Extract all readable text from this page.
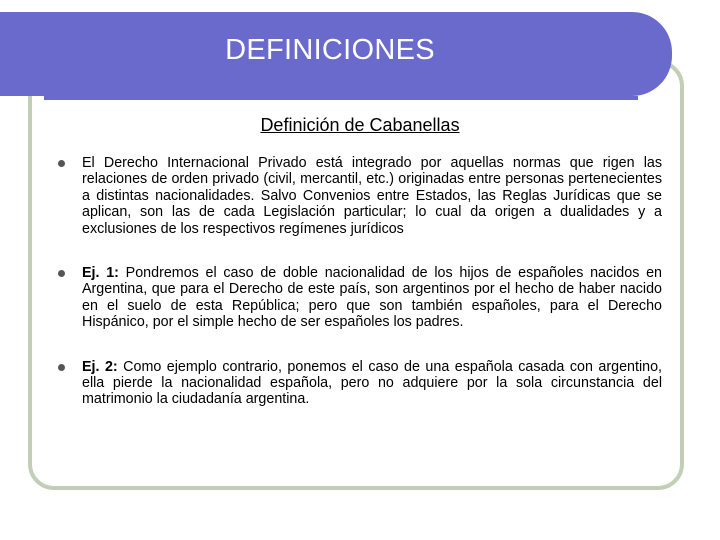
DEFINICIONES
Definición de Cabanellas
El Derecho Internacional Privado está integrado por aquellas normas que rigen las relaciones de orden privado (civil, mercantil, etc.) originadas entre personas pertenecientes a distintas nacionalidades. Salvo Convenios entre Estados, las Reglas Jurídicas que se aplican, son las de cada Legislación particular; lo cual da origen a dualidades y a exclusiones de los respectivos regímenes jurídicos
Ej. 1: Pondremos el caso de doble nacionalidad de los hijos de españoles nacidos en Argentina, que para el Derecho de este país, son argentinos por el hecho de haber nacido en el suelo de esta República; pero que son también españoles, para el Derecho Hispánico, por el simple hecho de ser españoles los padres.
Ej. 2: Como ejemplo contrario, ponemos el caso de una española casada con argentino, ella pierde la nacionalidad española, pero no adquiere por la sola circunstancia del matrimonio la ciudadanía argentina.
